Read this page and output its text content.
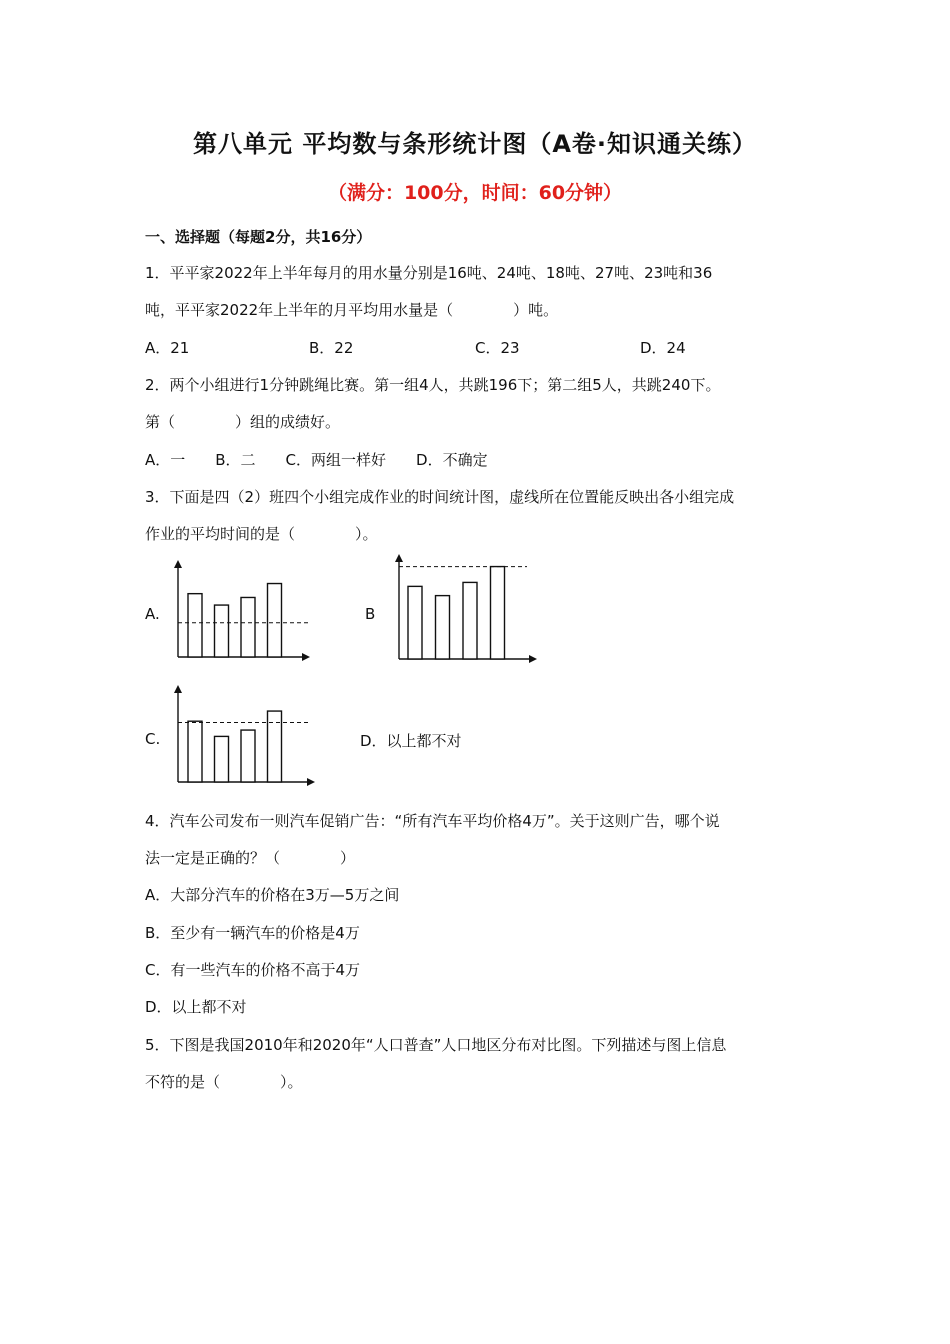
第八单元 平均数与条形统计图（A卷·知识通关练）
（满分：100分，时间：60分钟）
一、选择题（每题2分，共16分）
1．平平家2022年上半年每月的用水量分别是16吨、24吨、18吨、27吨、23吨和36
吨，平平家2022年上半年的月平均用水量是（　　　　）吨。
A．21	B．22	C．23	D．24
2．两个小组进行1分钟跳绳比赛。第一组4人，共跳196下；第二组5人，共跳240下。
第（　　　　）组的成绩好。
A．一　　B．二　　C．两组一样好　　D．不确定
3．下面是四（2）班四个小组完成作业的时间统计图，虚线所在位置能反映出各小组完成
作业的平均时间的是（　　　　）。
A.	B
C.	D．以上都不对
4．汽车公司发布一则汽车促销广告：“所有汽车平均价格4万”。关于这则广告，哪个说
法一定是正确的？（　　　　）
A．大部分汽车的价格在3万—5万之间
B．至少有一辆汽车的价格是4万
C．有一些汽车的价格不高于4万
D．以上都不对
5．下图是我国2010年和2020年“人口普查”人口地区分布对比图。下列描述与图上信息
不符的是（　　　　）。
